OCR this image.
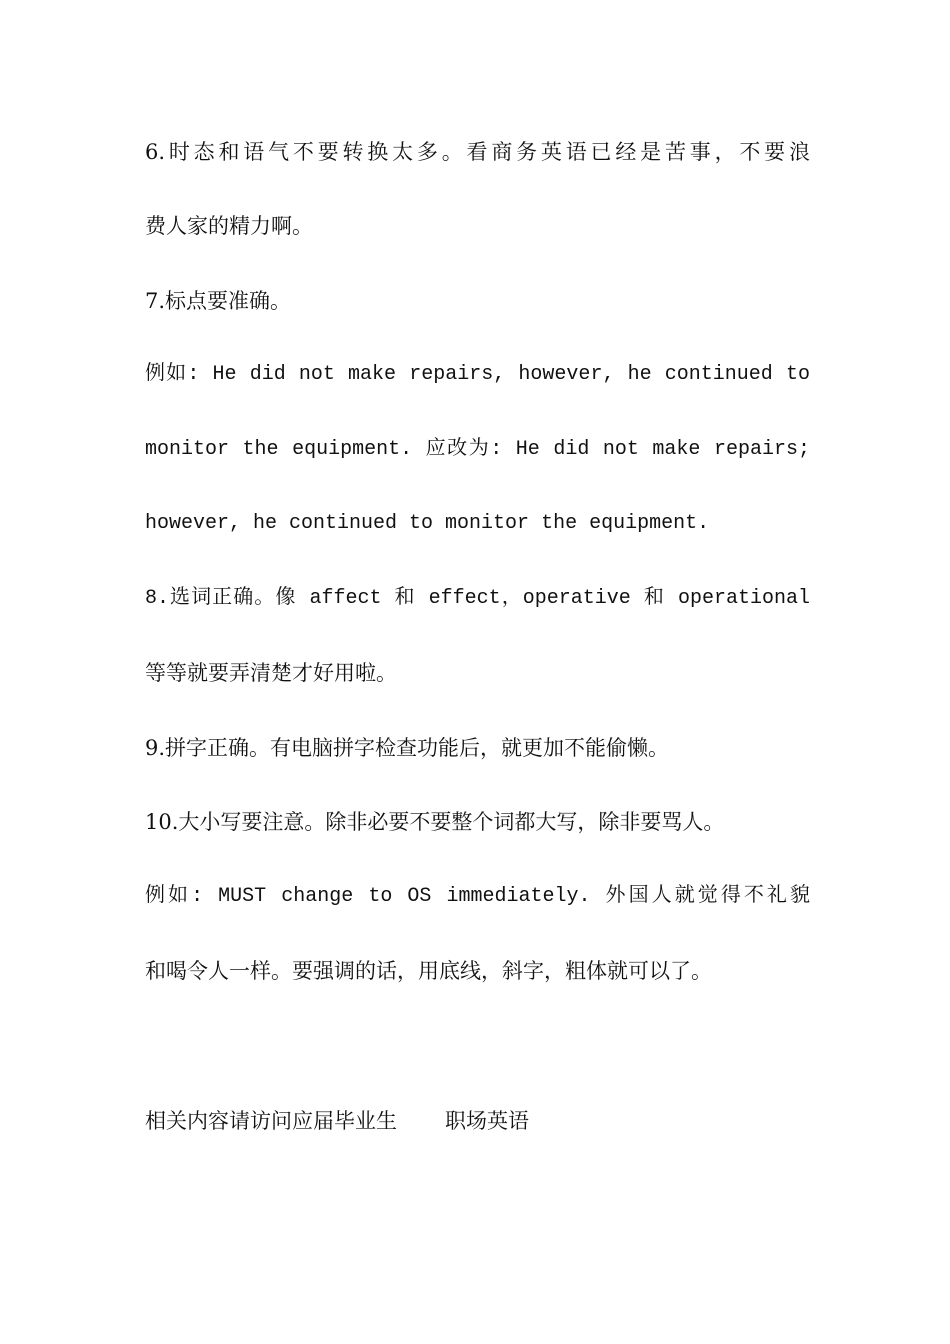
6.时态和语气不要转换太多。看商务英语已经是苦事，不要浪
费人家的精力啊。
7.标点要准确。
例如: He did not make repairs, however, he continued to
monitor the equipment. 应改为: He did not make repairs;
however, he continued to monitor the equipment.
8.选词正确。像 affect 和 effect，operative 和 operational
等等就要弄清楚才好用啦。
9.拼字正确。有电脑拼字检查功能后，就更加不能偷懒。
10.大小写要注意。除非必要不要整个词都大写，除非要骂人。
例如: MUST change to OS immediately. 外国人就觉得不礼貌
和喝令人一样。要强调的话，用底线，斜字，粗体就可以了。
相关内容请访问应届毕业生 职场英语
